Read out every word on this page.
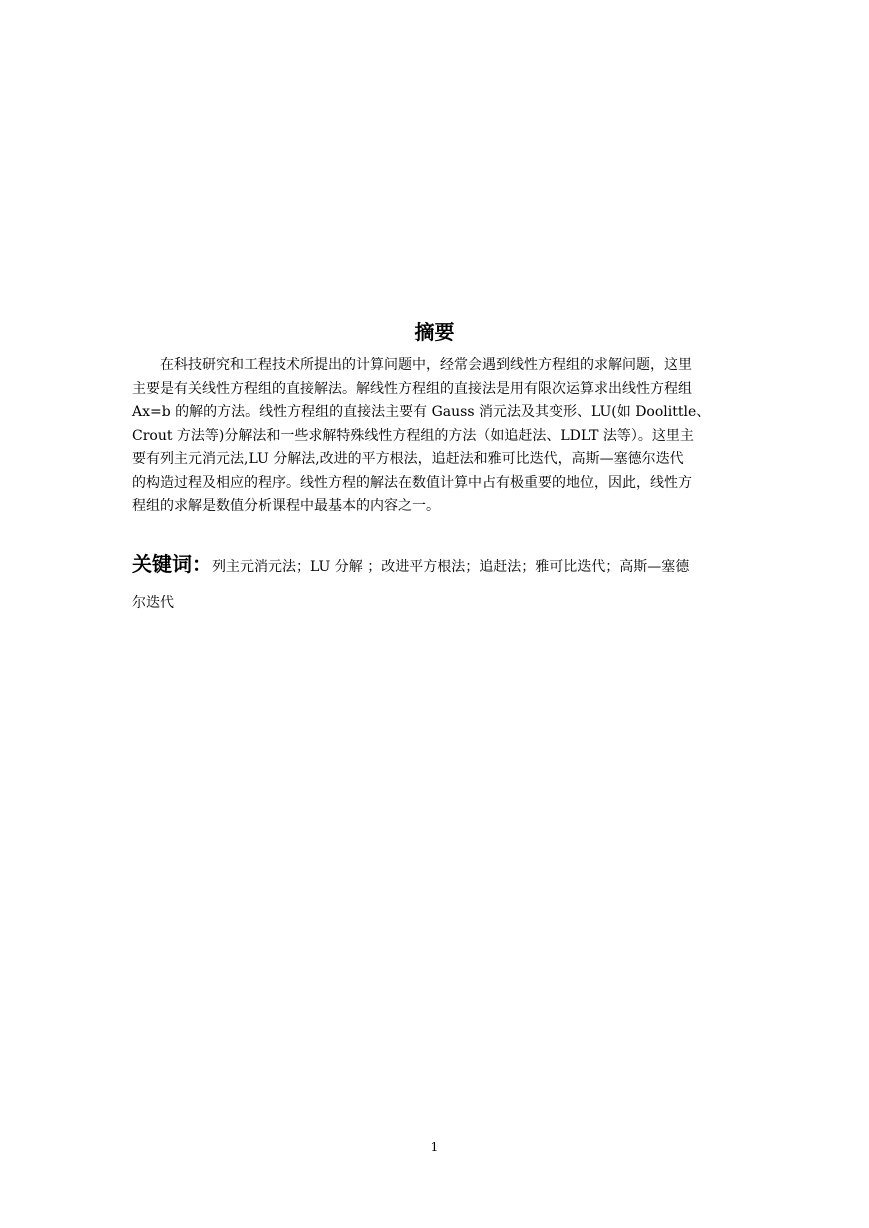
摘要

在科技研究和工程技术所提出的计算问题中，经常会遇到线性方程组的求解问题，这里
主要是有关线性方程组的直接解法。解线性方程组的直接法是用有限次运算求出线性方程组
Ax=b 的解的方法。线性方程组的直接法主要有 Gauss 消元法及其变形、LU(如 Doolittle、
Crout 方法等)分解法和一些求解特殊线性方程组的方法（如追赶法、LDLT 法等）。这里主
要有列主元消元法,LU 分解法,改进的平方根法，追赶法和雅可比迭代，高斯—塞德尔迭代
的构造过程及相应的程序。线性方程的解法在数值计算中占有极重要的地位，因此，线性方
程组的求解是数值分析课程中最基本的内容之一。

关键词：列主元消元法；LU 分解 ；改进平方根法；追赶法；雅可比迭代；高斯—塞德
尔迭代

1
